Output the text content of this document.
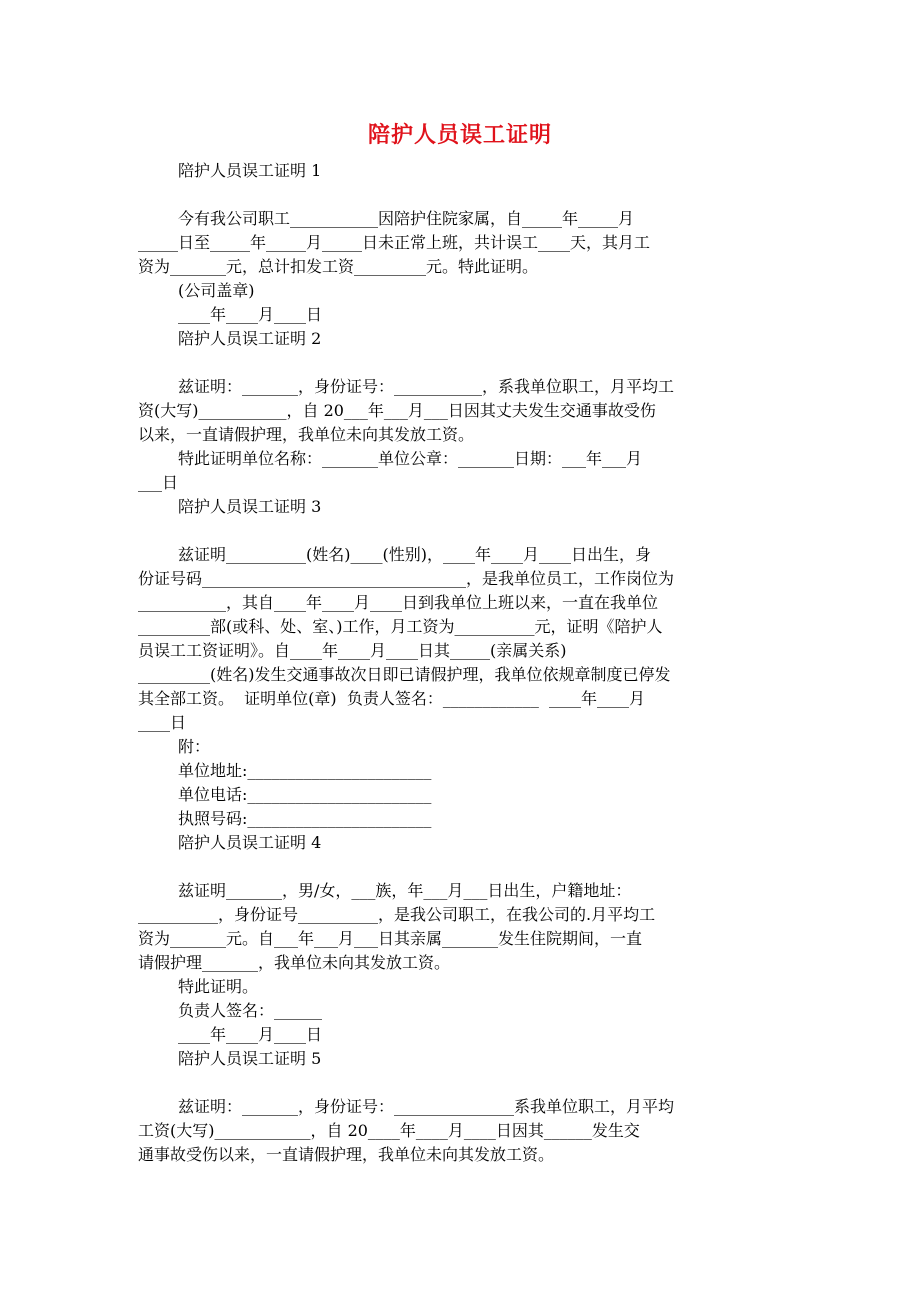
陪护人员误工证明
陪护人员误工证明 1
今有我公司职工___________因陪护住院家属，自_____年_____月
_____日至_____年_____月_____日未正常上班，共计误工____天，其月工
资为_______元，总计扣发工资_________元。特此证明。
(公司盖章)
____年____月____日
陪护人员误工证明 2
兹证明：_______，身份证号：___________，系我单位职工，月平均工
资(大写)___________，自 20___年___月___日因其丈夫发生交通事故受伤
以来，一直请假护理，我单位未向其发放工资。
特此证明单位名称：_______单位公章：_______日期：___年___月
___日
陪护人员误工证明 3
兹证明__________(姓名)____(性别)，____年____月____日出生，身
份证号码_________________________________，是我单位员工，工作岗位为
___________，其自____年____月____日到我单位上班以来，一直在我单位
_________部(或科、处、室、)工作，月工资为__________元，证明《陪护人
员误工工资证明》。自____年____月____日其_____(亲属关系)
_________(姓名)发生交通事故次日即已请假护理，我单位依规章制度已停发
其全部工资。  证明单位(章)  负责人签名：____________  ____年____月
____日
附：
单位地址:_______________________
单位电话:_______________________
执照号码:_______________________
陪护人员误工证明 4
兹证明_______，男/女，___族，年___月___日出生，户籍地址：
__________，身份证号__________，是我公司职工，在我公司的.月平均工
资为_______元。自___年___月___日其亲属_______发生住院期间，一直
请假护理_______，我单位未向其发放工资。
特此证明。
负责人签名：______
____年____月____日
陪护人员误工证明 5
兹证明：_______，身份证号：_______________系我单位职工，月平均
工资(大写)____________，自 20____年____月____日因其______发生交
通事故受伤以来，一直请假护理，我单位未向其发放工资。
